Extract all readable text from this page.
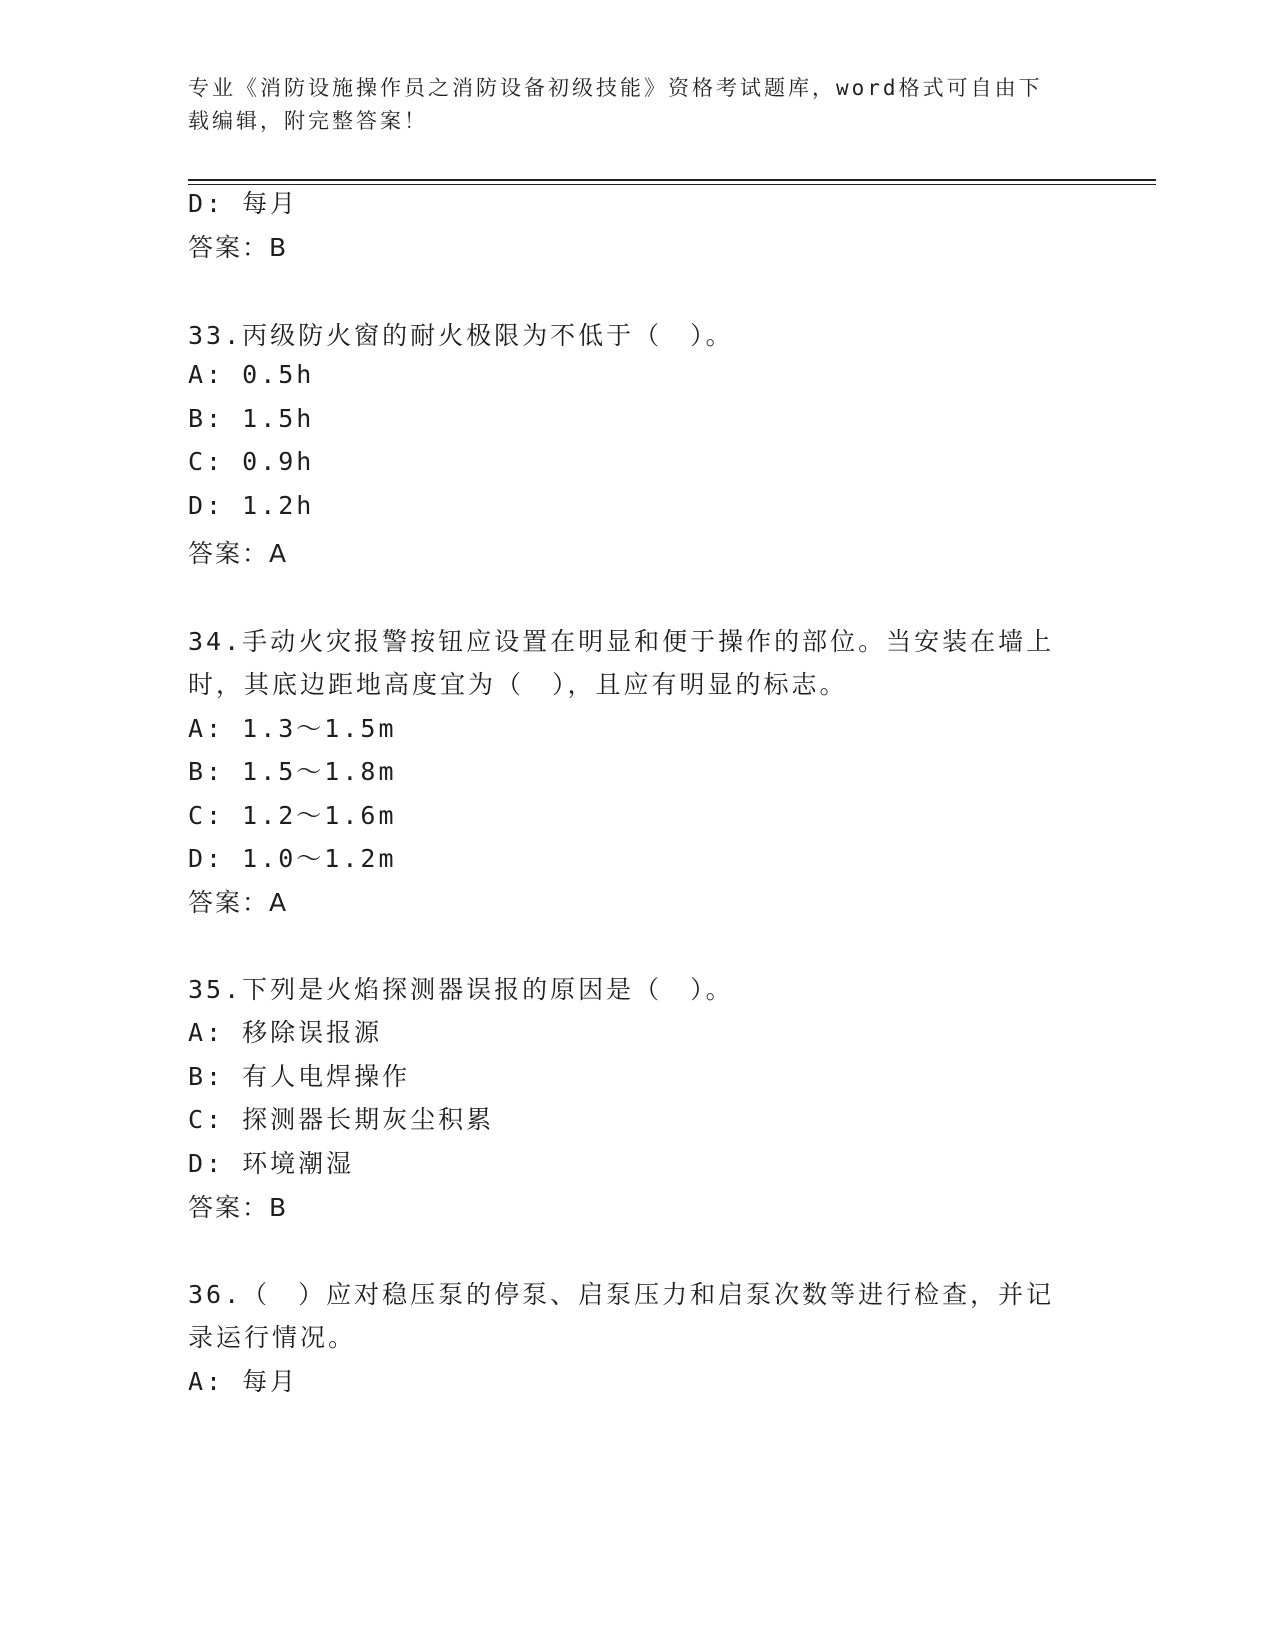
专业《消防设施操作员之消防设备初级技能》资格考试题库，word格式可自由下
载编辑，附完整答案！
D: 每月
答案：B
33.丙级防火窗的耐火极限为不低于（　）。
A: 0.5h
B: 1.5h
C: 0.9h
D: 1.2h
答案：A
34.手动火灾报警按钮应设置在明显和便于操作的部位。当安装在墙上
时，其底边距地高度宜为（　），且应有明显的标志。
A: 1.3～1.5m
B: 1.5～1.8m
C: 1.2～1.6m
D: 1.0～1.2m
答案：A
35.下列是火焰探测器误报的原因是（　）。
A: 移除误报源
B: 有人电焊操作
C: 探测器长期灰尘积累
D: 环境潮湿
答案：B
36.（　）应对稳压泵的停泵、启泵压力和启泵次数等进行检查，并记
录运行情况。
A: 每月
